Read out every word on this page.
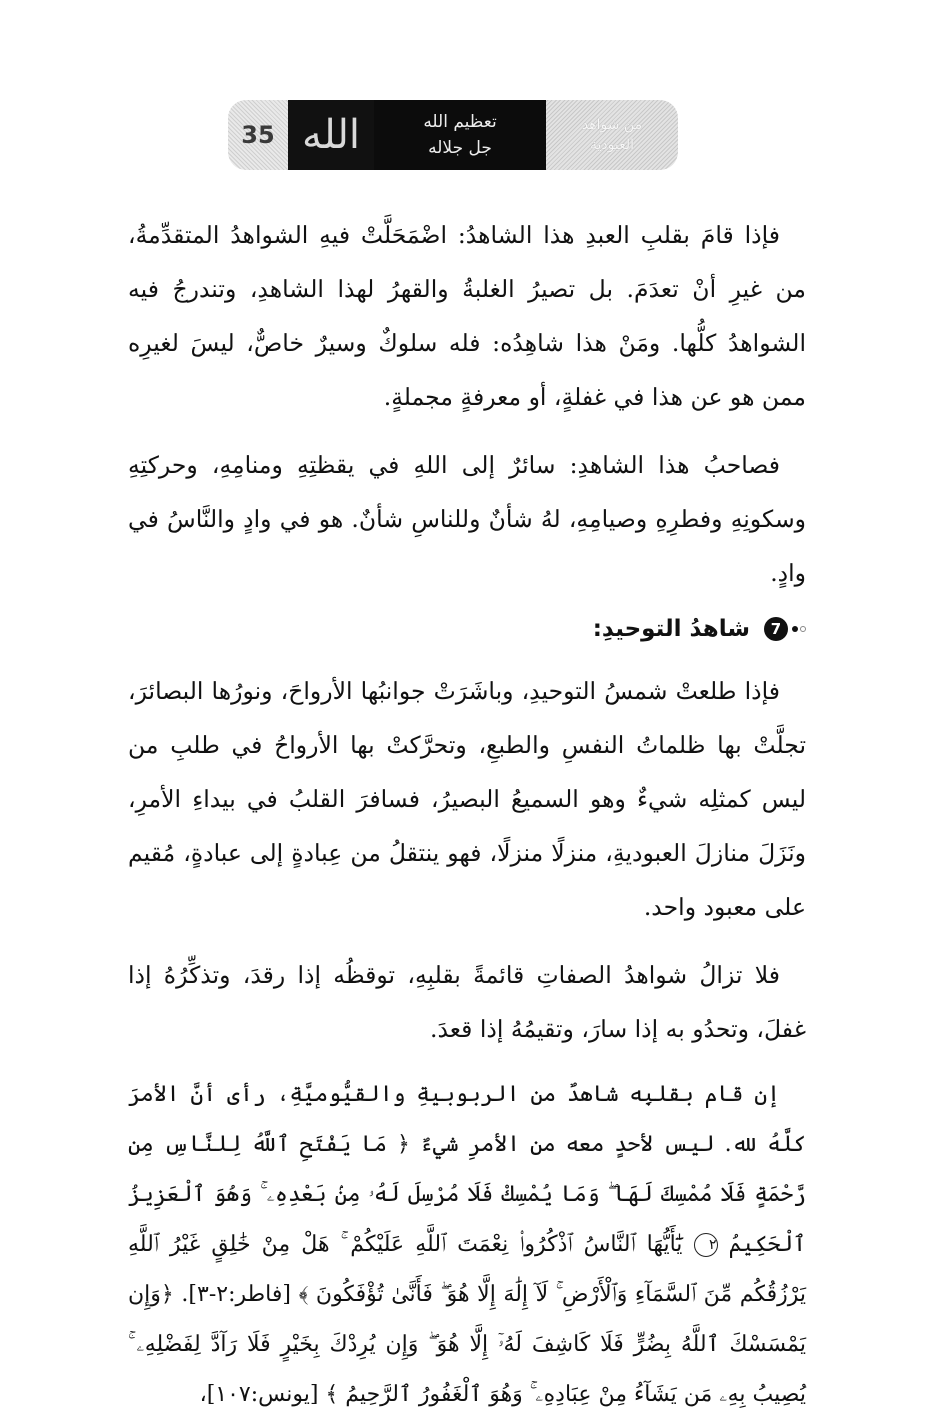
35 الله	تعظيم الله
جل جلاله
من شواهد
العبودية

فإذا قامَ بقلبِ العبدِ هذا الشاهدُ: اضْمَحَلَّتْ فيهِ الشواهدُ المتقدِّمةُ، من غيرِ أنْ تعدَمَ. بل تصيرُ الغلبةُ والقهرُ لهذا الشاهدِ، وتندرجُ فيه الشواهدُ كلُّها. ومَنْ هذا شاهِدُه: فله سلوكٌ وسيرٌ خاصٌّ، ليسَ لغيرِه ممن هو عن هذا في غفلةٍ، أو معرفةٍ مجملةٍ.

فصاحبُ هذا الشاهدِ: سائرٌ إلى اللهِ في يقظتِهِ ومنامِهِ، وحركتِهِ وسكونِهِ وفطرِهِ وصيامِهِ، لهُ شأنٌ وللناسِ شأنٌ. هو في وادٍ والنَّاسُ في وادٍ.

7
شاهدُ التوحيدِ:

فإذا طلعتْ شمسُ التوحيدِ، وباشَرَتْ جوانبُها الأرواحَ، ونورُها البصائرَ، تجلَّتْ بها ظلماتُ النفسِ والطبعِ، وتحرَّكتْ بها الأرواحُ في طلبِ من ليس كمثلِه شيءٌ وهو السميعُ البصيرُ، فسافرَ القلبُ في بيداءِ الأمرِ، ونَزَلَ منازلَ العبوديةِ، منزلًا منزلًا، فهو ينتقلُ من عِبادةٍ إلى عبادةٍ، مُقيم على معبود واحد.

فلا تزالُ شواهدُ الصفاتِ قائمةً بقلبِهِ، توقظُه إذا رقدَ، وتذكِّرُهُ إذا غفلَ، وتحدُو به إذا سارَ، وتقيمُهُ إذا قعدَ.

إن قام بقلبِه شاهدٌ من الربوبيةِ والقيُّوميَّةِ، رأى أنَّ الأمرَ كلَّهُ لله. ليس لأحدٍ معه من الأمرِ شيءٌ ﴿ مَا يَفْتَحِ ٱللَّهُ لِلنَّاسِ مِن رَّحْمَةٍ فَلَا مُمْسِكَ لَهَا ۖ وَمَا يُمْسِكْ فَلَا مُرْسِلَ لَهُۥ مِنۢ بَعْدِهِۦ ۚ وَهُوَ ٱلْعَزِيزُ ٱلْحَكِيمُ ٢ يَٰٓأَيُّهَا ٱلنَّاسُ ٱذْكُرُوا۟ نِعْمَتَ ٱللَّهِ عَلَيْكُمْ ۚ هَلْ مِنْ خَٰلِقٍ غَيْرُ ٱللَّهِ يَرْزُقُكُم مِّنَ ٱلسَّمَآءِ وَٱلْأَرْضِ ۚ لَآ إِلَٰهَ إِلَّا هُوَ ۖ فَأَنَّىٰ تُؤْفَكُونَ ﴾ [فاطر:٢-٣]. ﴿وَإِن يَمْسَسْكَ ٱللَّهُ بِضُرٍّ فَلَا كَاشِفَ لَهُۥٓ إِلَّا هُوَ ۖ وَإِن يُرِدْكَ بِخَيْرٍ فَلَا رَآدَّ لِفَضْلِهِۦ ۚ يُصِيبُ بِهِۦ مَن يَشَآءُ مِنْ عِبَادِهِۦ ۚ وَهُوَ ٱلْغَفُورُ ٱلرَّحِيمُ ﴾ [يونس:١٠٧]،
